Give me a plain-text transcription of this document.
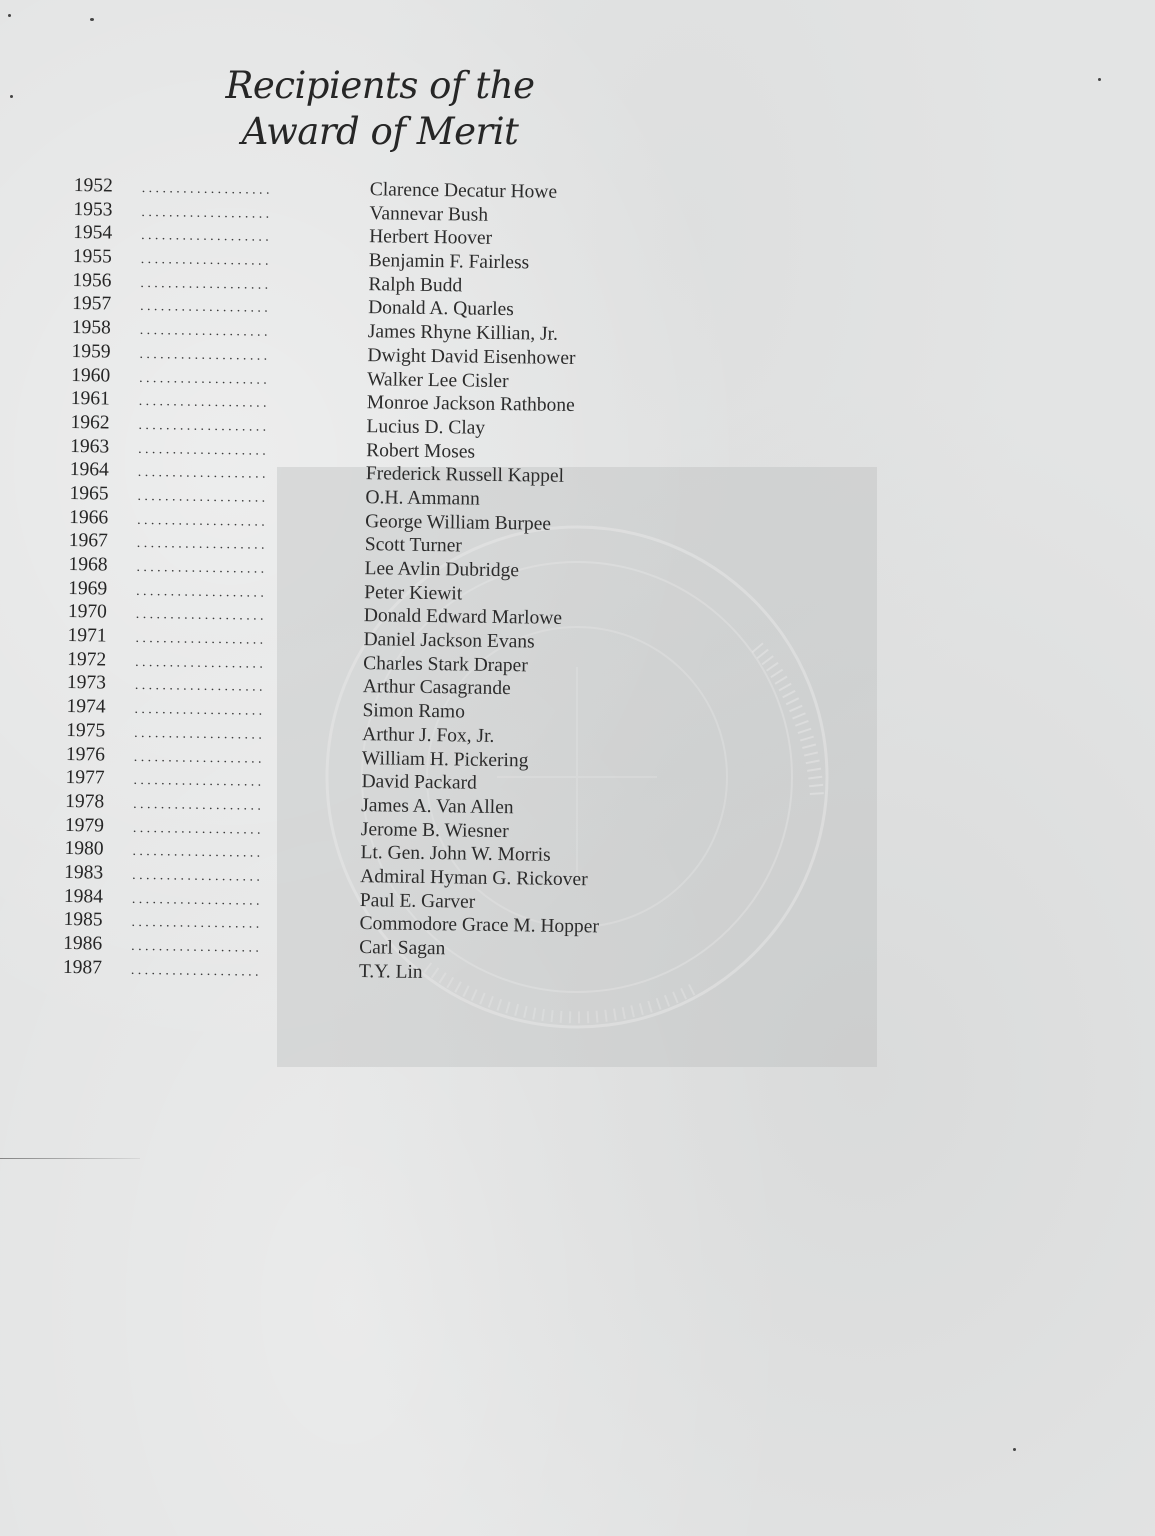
Recipients of the
Award of Merit
1952	...................	Clarence Decatur Howe
1953	...................	Vannevar Bush
1954	...................	Herbert Hoover
1955	...................	Benjamin F. Fairless
1956	...................	Ralph Budd
1957	...................	Donald A. Quarles
1958	...................	James Rhyne Killian, Jr.
1959	...................	Dwight David Eisenhower
1960	...................	Walker Lee Cisler
1961	...................	Monroe Jackson Rathbone
1962	...................	Lucius D. Clay
1963	...................	Robert Moses
1964	...................	Frederick Russell Kappel
1965	...................	O.H. Ammann
1966	...................	George William Burpee
1967	...................	Scott Turner
1968	...................	Lee Avlin Dubridge
1969	...................	Peter Kiewit
1970	...................	Donald Edward Marlowe
1971	...................	Daniel Jackson Evans
1972	...................	Charles Stark Draper
1973	...................	Arthur Casagrande
1974	...................	Simon Ramo
1975	...................	Arthur J. Fox, Jr.
1976	...................	William H. Pickering
1977	...................	David Packard
1978	...................	James A. Van Allen
1979	...................	Jerome B. Wiesner
1980	...................	Lt. Gen. John W. Morris
1983	...................	Admiral Hyman G. Rickover
1984	...................	Paul E. Garver
1985	...................	Commodore Grace M. Hopper
1986	...................	Carl Sagan
1987	...................	T.Y. Lin
